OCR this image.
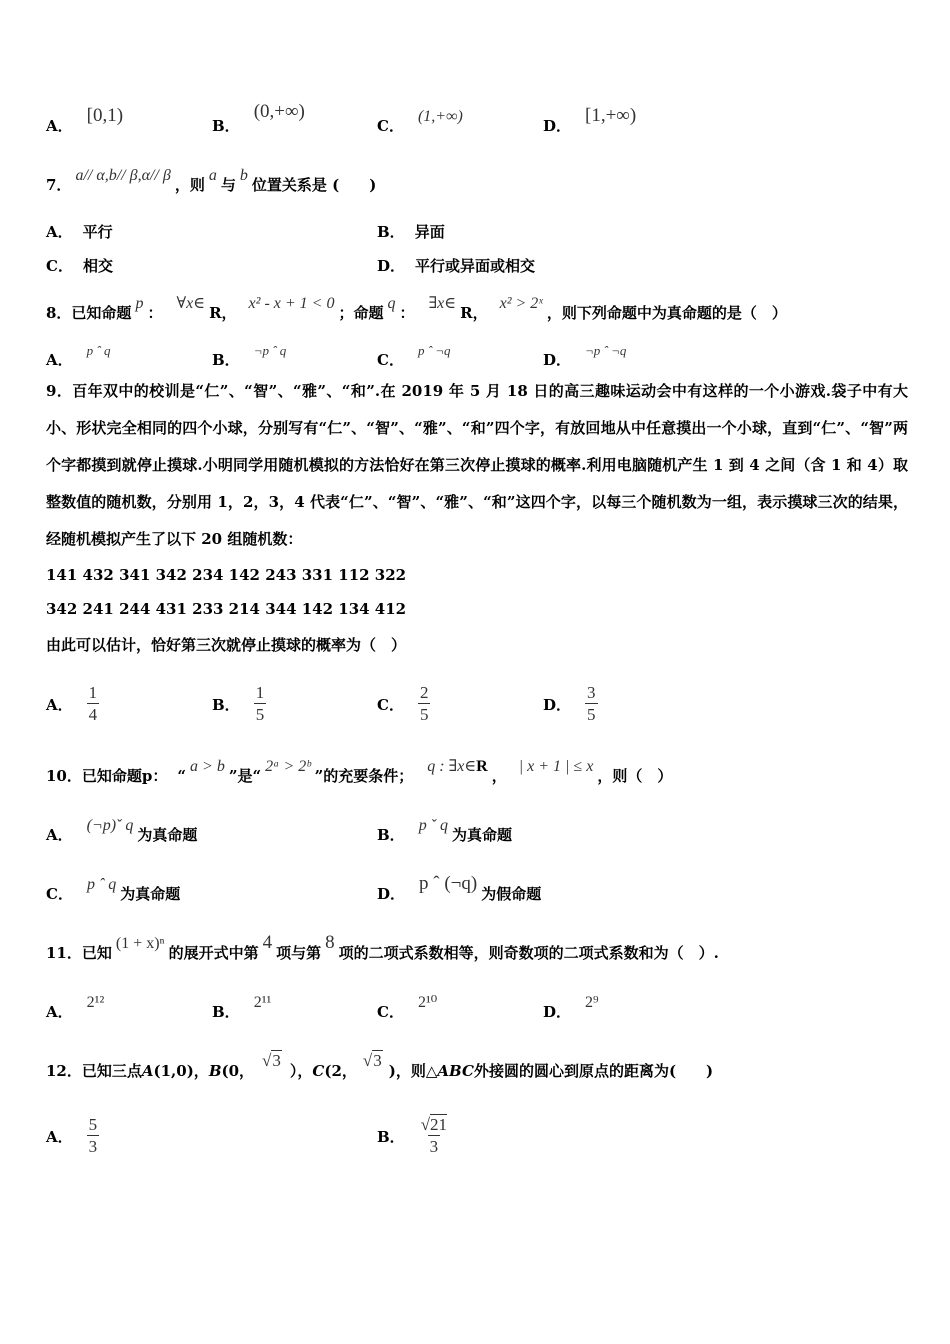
A． [0,1)	B．
(0,+∞)
C．
(1,+∞)
D． [1,+∞)
7．
a// α,b// β,α// β
，则
a
与
b
位置关系是 (　　)
A． 平行	B． 异面
C． 相交	D． 平行或异面或相交
8．已知命题
p
：
∀x∈
R，
x² - x + 1 < 0
；命题
q
：
∃x∈
R，
x² > 2ˣ
，则下列命题中为真命题的是（　）
A．
p ˆ q
B．
¬p ˆ q
C．
p ˆ ¬q
D．
¬p ˆ ¬q
9．百年双中的校训是“仁”、“智”、“雅”、“和”.在 2019 年 5 月 18 日的高三趣味运动会中有这样的一个小游戏.袋子中有大小、形状完全相同的四个小球，分别写有“仁”、“智”、“雅”、“和”四个字，有放回地从中任意摸出一个小球，直到“仁”、“智”两个字都摸到就停止摸球.小明同学用随机模拟的方法恰好在第三次停止摸球的概率.利用电脑随机产生 1 到 4 之间（含 1 和 4）取整数值的随机数，分别用 1，2，3，4 代表“仁”、“智”、“雅”、“和”这四个字，以每三个随机数为一组，表示摸球三次的结果，经随机模拟产生了以下 20 组随机数：
141 432 341 342 234 142 243 331 112 322
342 241 244 431 233 214 344 142 134 412
由此可以估计，恰好第三次就停止摸球的概率为（　）
A． $\frac{1}{4}$	B． $\frac{1}{5}$	C． $\frac{2}{5}$	D． $\frac{3}{5}$
10．已知命题 p： “
a > b
”是“
2ᵃ > 2ᵇ
”的充要条件；
q : ∃x∈ R
，
| x + 1 | ≤ x
，则（　）
A．
(¬p)ˇ q
为真命题	B．
p ˇ q
为真命题
C．
p ˆ q
为真命题	D． p ˆ (¬q) 为假命题
11．已知
(1 + x)ⁿ
的展开式中第 4 项与第 8 项的二项式系数相等，则奇数项的二项式系数和为（　）.
A．
2¹²
B．
2¹¹
C．
2¹⁰
D．
2⁹
12．已知三点 A (1,0)， B (0，
√3
）， C (2，
√3
)，则△ ABC 外接圆的圆心到原点的距离为(　　)
A． $\frac{5}{3}$	B． $\frac{√21}{3}$
